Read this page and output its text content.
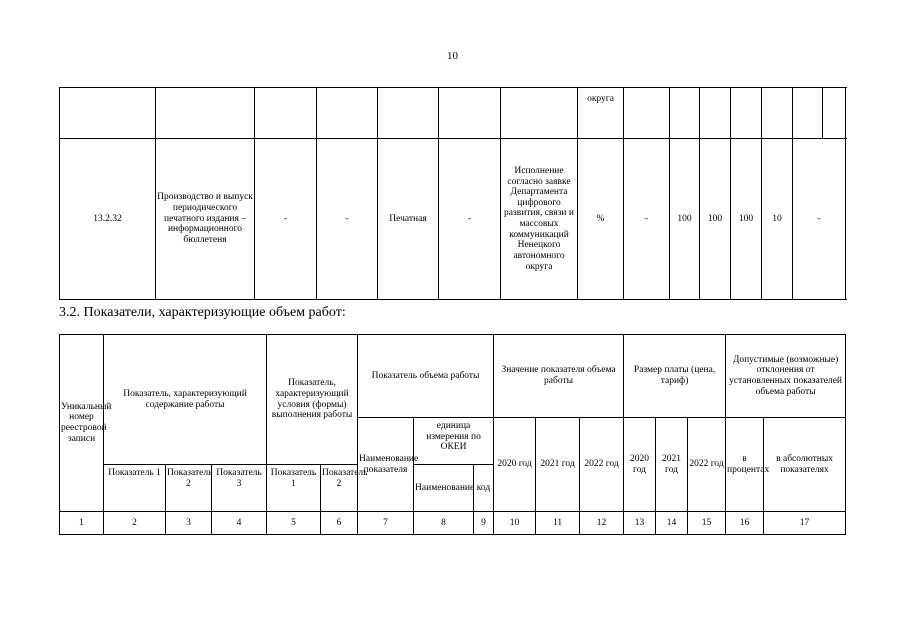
10
							округа							
13.2.32	Производство и выпуск периодического печатного издания – информационного бюллетеня	-	-	Печатная	-	Исполнение согласно заявке Департамента цифрового развития, связи и массовых коммуникаций Ненецкого автономного округа	%	-	100	100	100	10	-	
3.2. Показатели, характеризующие объем работ:
Уникальный номер реестровой записи	Показатель, характеризующий содержание работы			Показатель, характеризующий условия (формы) выполнения работы		Показатель объема работы			Значение показателя объема работы			Размер платы (цена, тариф)			Допустимые (возможные) отклонения от установленных показателей объема работы	
						Наименование показателя	единица измерения по ОКЕИ		2020 год	2021 год	2022 год	2020 год	2021 год	2022 год	в процентах	в абсолютных показателях
							Наименование	код								
	Показатель 1	Показатель 2	Показатель 3	Показатель 1	Показатель 2											
1	2	3	4	5	6	7	8	9	10	11	12	13	14	15	16	17
